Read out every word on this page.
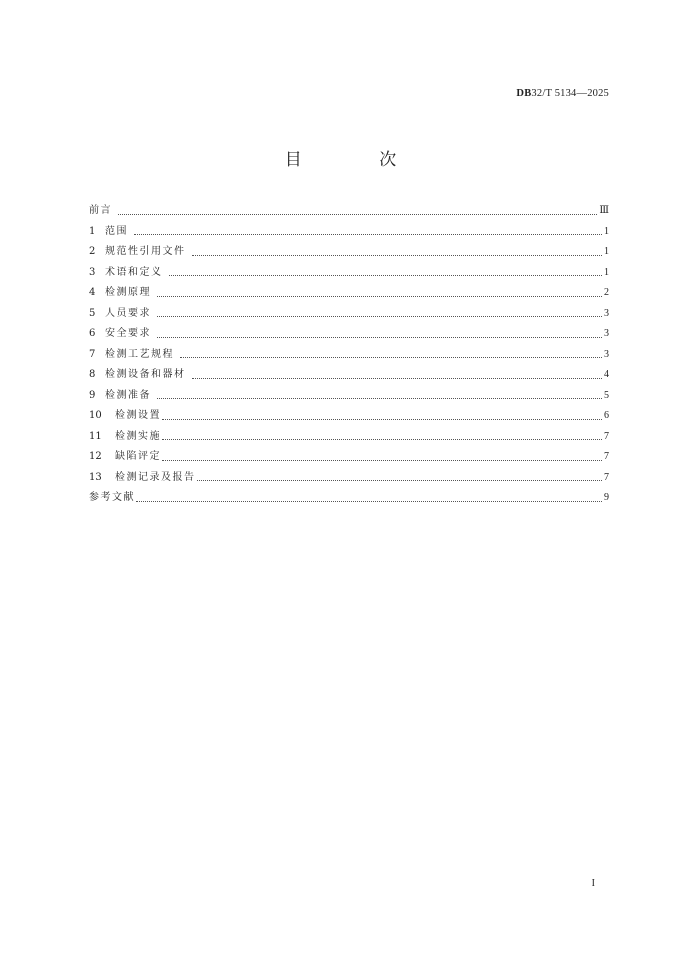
DB32/T 5134—2025
目 次
前言	Ⅲ
1 范围	1
2 规范性引用文件	1
3 术语和定义	1
4 检测原理	2
5 人员要求	3
6 安全要求	3
7 检测工艺规程	3
8 检测设备和器材	4
9 检测准备	5
10	检测设置	6
11	检测实施	7
12	缺陷评定	7
13	检测记录及报告	7
参考文献	9
I
